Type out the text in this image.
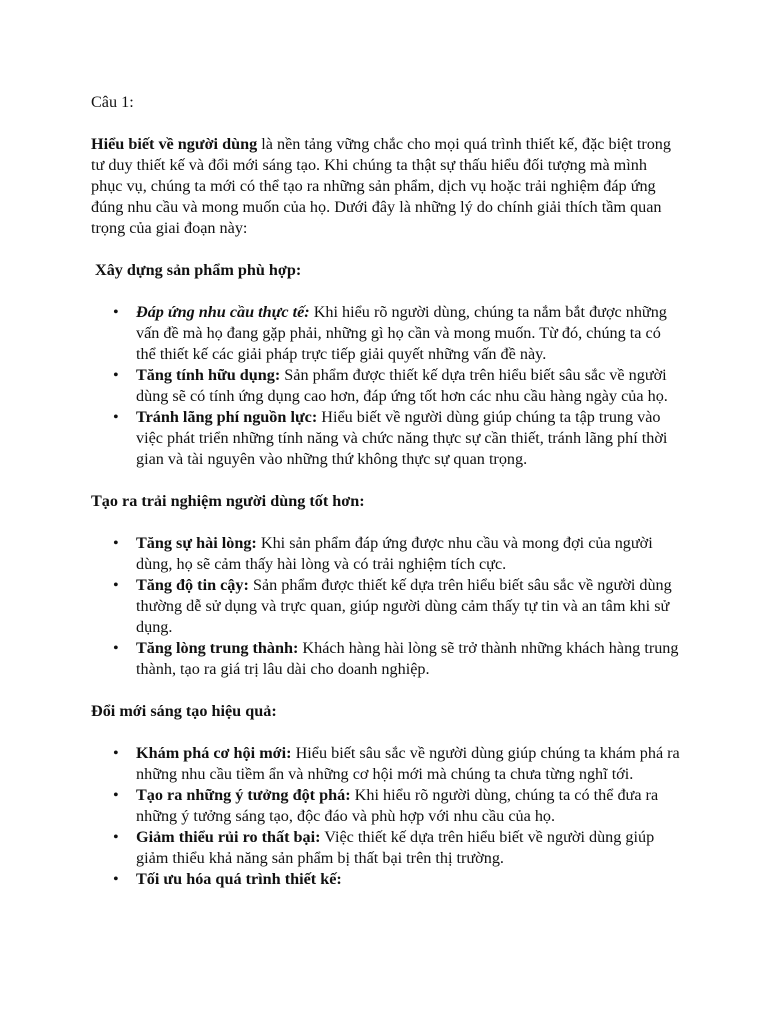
Câu 1:

Hiểu biết về người dùng là nền tảng vững chắc cho mọi quá trình thiết kế, đặc biệt trong tư duy thiết kế và đổi mới sáng tạo. Khi chúng ta thật sự thấu hiểu đối tượng mà mình phục vụ, chúng ta mới có thể tạo ra những sản phẩm, dịch vụ hoặc trải nghiệm đáp ứng đúng nhu cầu và mong muốn của họ. Dưới đây là những lý do chính giải thích tầm quan trọng của giai đoạn này:

Xây dựng sản phẩm phù hợp:

• Đáp ứng nhu cầu thực tế: Khi hiểu rõ người dùng, chúng ta nắm bắt được những vấn đề mà họ đang gặp phải, những gì họ cần và mong muốn. Từ đó, chúng ta có thể thiết kế các giải pháp trực tiếp giải quyết những vấn đề này.
• Tăng tính hữu dụng: Sản phẩm được thiết kế dựa trên hiểu biết sâu sắc về người dùng sẽ có tính ứng dụng cao hơn, đáp ứng tốt hơn các nhu cầu hàng ngày của họ.
• Tránh lãng phí nguồn lực: Hiểu biết về người dùng giúp chúng ta tập trung vào việc phát triển những tính năng và chức năng thực sự cần thiết, tránh lãng phí thời gian và tài nguyên vào những thứ không thực sự quan trọng.

Tạo ra trải nghiệm người dùng tốt hơn:

• Tăng sự hài lòng: Khi sản phẩm đáp ứng được nhu cầu và mong đợi của người dùng, họ sẽ cảm thấy hài lòng và có trải nghiệm tích cực.
• Tăng độ tin cậy: Sản phẩm được thiết kế dựa trên hiểu biết sâu sắc về người dùng thường dễ sử dụng và trực quan, giúp người dùng cảm thấy tự tin và an tâm khi sử dụng.
• Tăng lòng trung thành: Khách hàng hài lòng sẽ trở thành những khách hàng trung thành, tạo ra giá trị lâu dài cho doanh nghiệp.

Đổi mới sáng tạo hiệu quả:

• Khám phá cơ hội mới: Hiểu biết sâu sắc về người dùng giúp chúng ta khám phá ra những nhu cầu tiềm ẩn và những cơ hội mới mà chúng ta chưa từng nghĩ tới.
• Tạo ra những ý tưởng đột phá: Khi hiểu rõ người dùng, chúng ta có thể đưa ra những ý tưởng sáng tạo, độc đáo và phù hợp với nhu cầu của họ.
• Giảm thiểu rủi ro thất bại: Việc thiết kế dựa trên hiểu biết về người dùng giúp giảm thiểu khả năng sản phẩm bị thất bại trên thị trường.
• Tối ưu hóa quá trình thiết kế:
